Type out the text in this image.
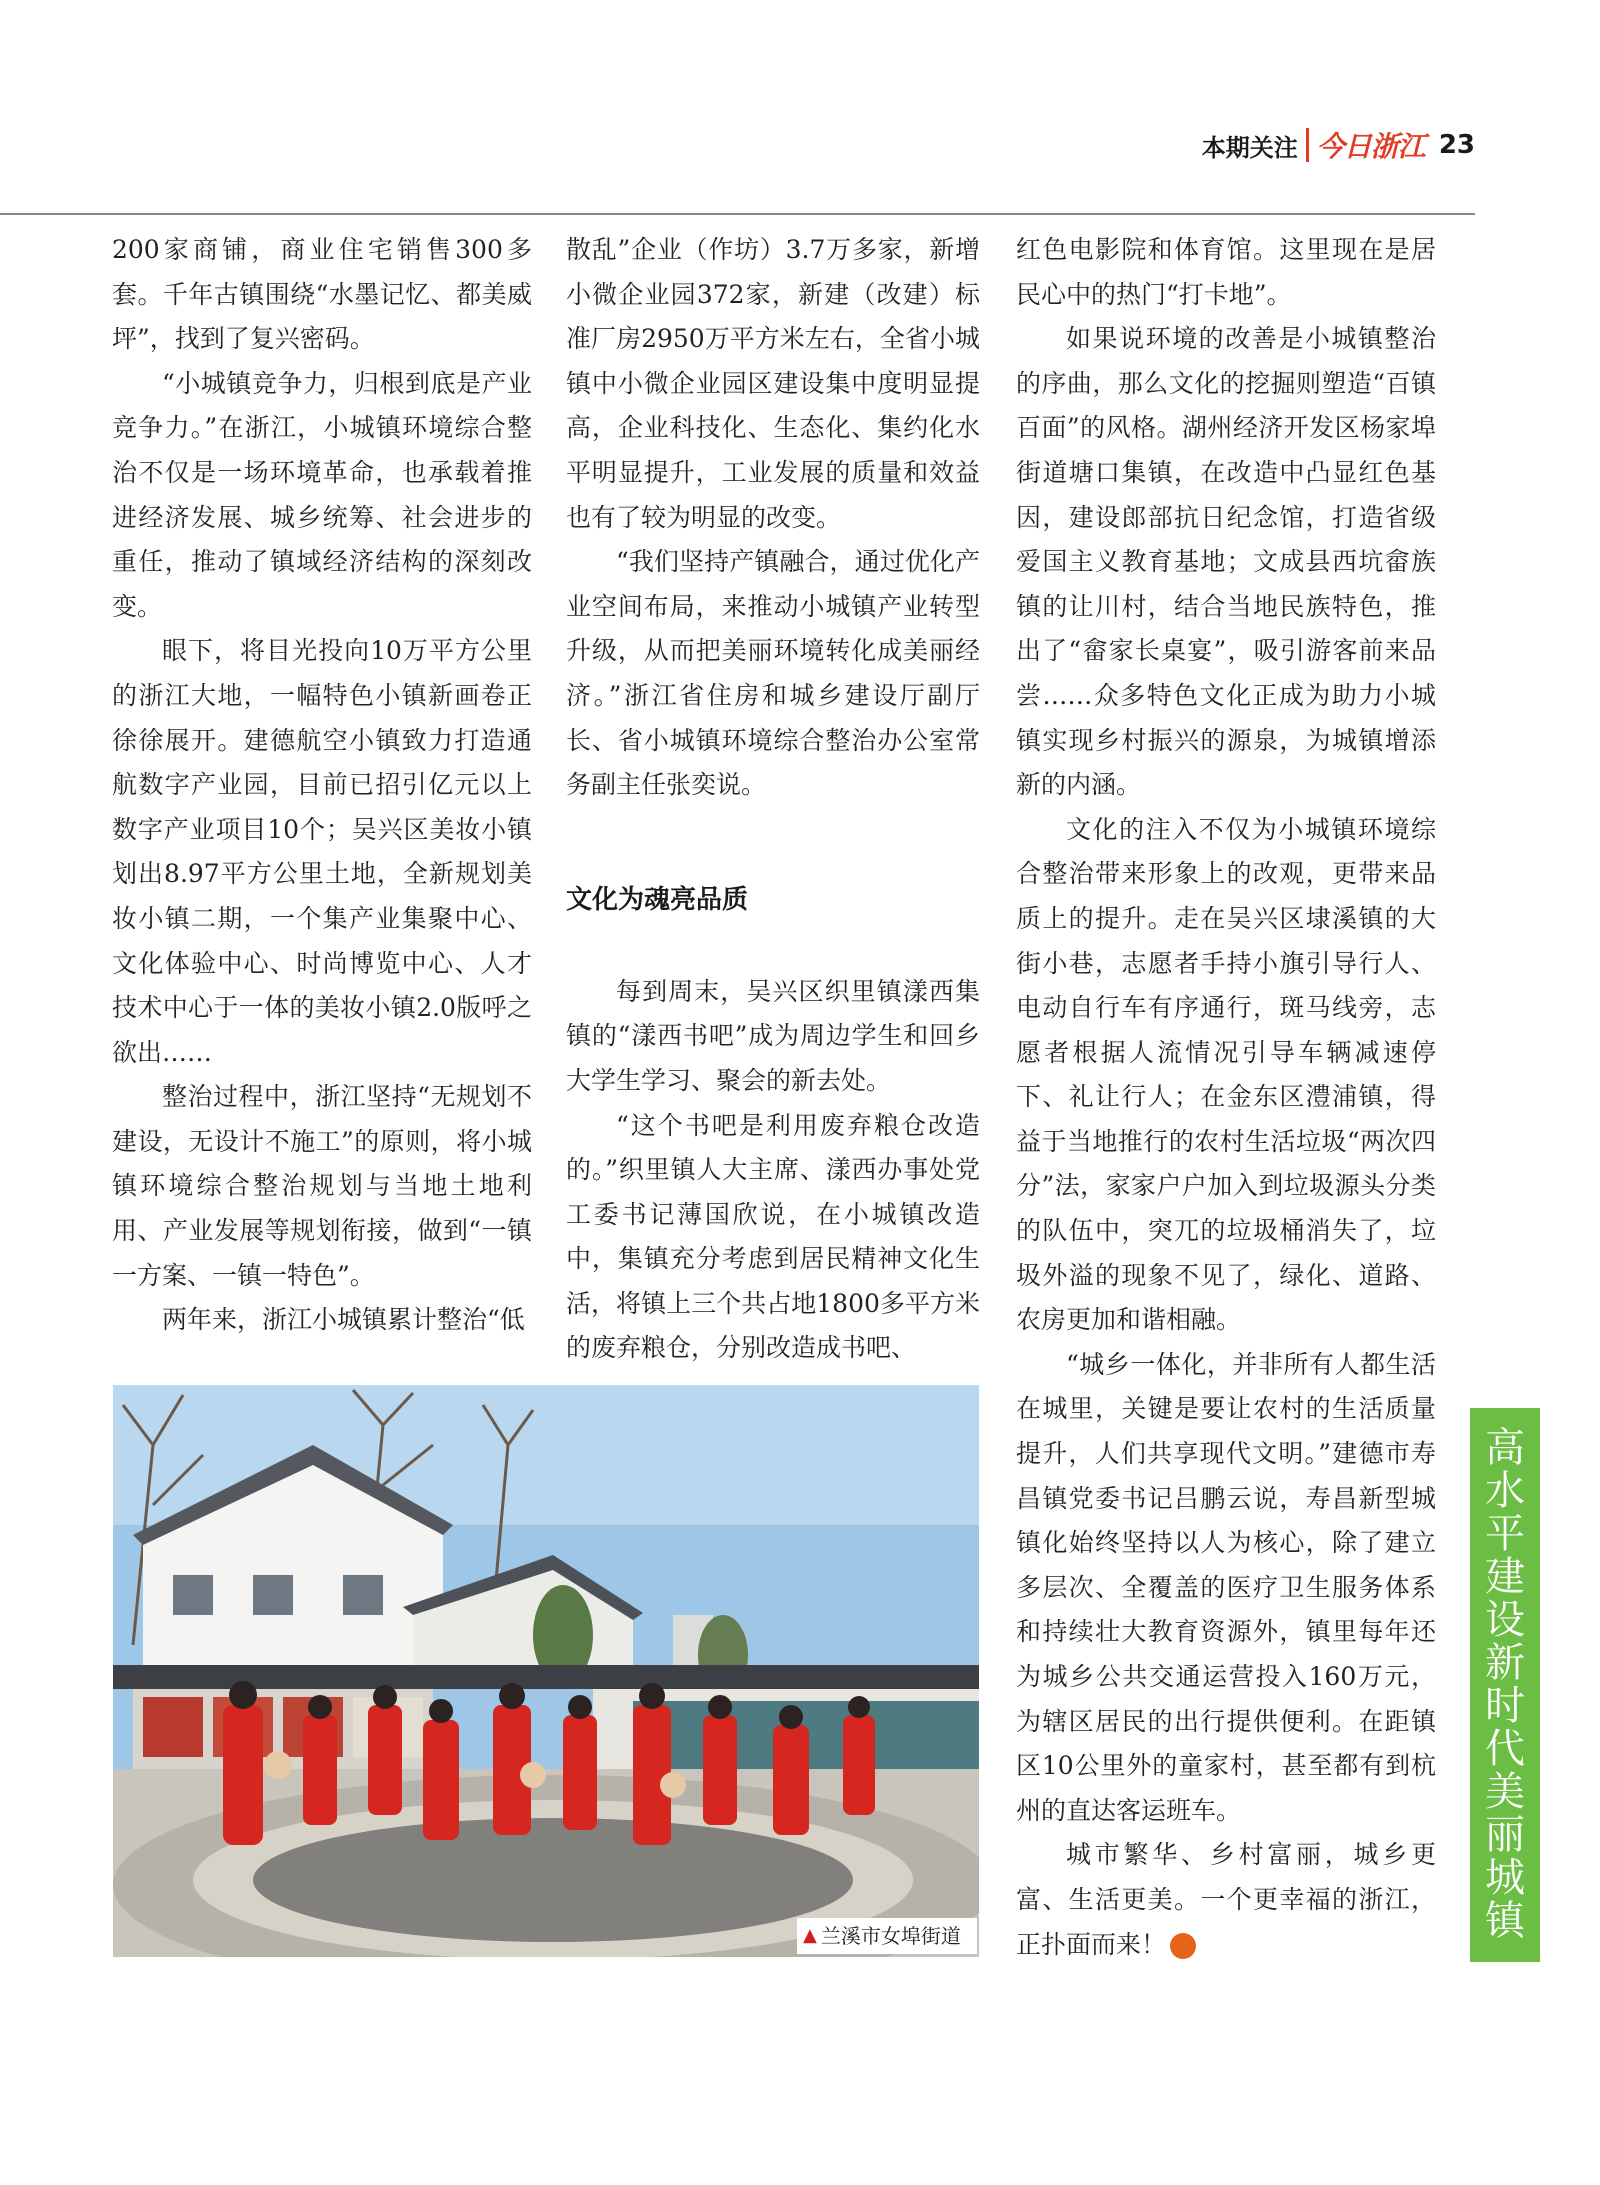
本期关注 今日浙江 23

200家商铺，商业住宅销售300多套。千年古镇围绕“水墨记忆、都美威坪”，找到了复兴密码。

“小城镇竞争力，归根到底是产业竞争力。”在浙江，小城镇环境综合整治不仅是一场环境革命，也承载着推进经济发展、城乡统筹、社会进步的重任，推动了镇域经济结构的深刻改变。

眼下，将目光投向10万平方公里的浙江大地，一幅特色小镇新画卷正徐徐展开。建德航空小镇致力打造通航数字产业园，目前已招引亿元以上数字产业项目10个；吴兴区美妆小镇划出8.97平方公里土地，全新规划美妆小镇二期，一个集产业集聚中心、文化体验中心、时尚博览中心、人才技术中心于一体的美妆小镇2.0版呼之欲出……

整治过程中，浙江坚持“无规划不建设，无设计不施工”的原则，将小城镇环境综合整治规划与当地土地利用、产业发展等规划衔接，做到“一镇一方案、一镇一特色”。

两年来，浙江小城镇累计整治“低

散乱”企业（作坊）3.7万多家，新增小微企业园372家，新建（改建）标准厂房2950万平方米左右，全省小城镇中小微企业园区建设集中度明显提高，企业科技化、生态化、集约化水平明显提升，工业发展的质量和效益也有了较为明显的改变。

“我们坚持产镇融合，通过优化产业空间布局，来推动小城镇产业转型升级，从而把美丽环境转化成美丽经济。”浙江省住房和城乡建设厅副厅长、省小城镇环境综合整治办公室常务副主任张奕说。

文化为魂亮品质

每到周末，吴兴区织里镇漾西集镇的“漾西书吧”成为周边学生和回乡大学生学习、聚会的新去处。

“这个书吧是利用废弃粮仓改造的。”织里镇人大主席、漾西办事处党工委书记薄国欣说，在小城镇改造中，集镇充分考虑到居民精神文化生活，将镇上三个共占地1800多平方米的废弃粮仓，分别改造成书吧、

红色电影院和体育馆。这里现在是居民心中的热门“打卡地”。

如果说环境的改善是小城镇整治的序曲，那么文化的挖掘则塑造“百镇百面”的风格。湖州经济开发区杨家埠街道塘口集镇，在改造中凸显红色基因，建设郎部抗日纪念馆，打造省级爱国主义教育基地；文成县西坑畲族镇的让川村，结合当地民族特色，推出了“畲家长桌宴”，吸引游客前来品尝……众多特色文化正成为助力小城镇实现乡村振兴的源泉，为城镇增添新的内涵。

文化的注入不仅为小城镇环境综合整治带来形象上的改观，更带来品质上的提升。走在吴兴区埭溪镇的大街小巷，志愿者手持小旗引导行人、电动自行车有序通行，斑马线旁，志愿者根据人流情况引导车辆减速停下、礼让行人；在金东区澧浦镇，得益于当地推行的农村生活垃圾“两次四分”法，家家户户加入到垃圾源头分类的队伍中，突兀的垃圾桶消失了，垃圾外溢的现象不见了，绿化、道路、农房更加和谐相融。

“城乡一体化，并非所有人都生活在城里，关键是要让农村的生活质量提升，人们共享现代文明。”建德市寿昌镇党委书记吕鹏云说，寿昌新型城镇化始终坚持以人为核心，除了建立多层次、全覆盖的医疗卫生服务体系和持续壮大教育资源外，镇里每年还为城乡公共交通运营投入160万元，为辖区居民的出行提供便利。在距镇区10公里外的童家村，甚至都有到杭州的直达客运班车。

城市繁华、乡村富丽，城乡更富、生活更美。一个更幸福的浙江，正扑面而来！

▲ 兰溪市女埠街道
高
水
平
建
设
新
时
代
美
丽
城
镇
